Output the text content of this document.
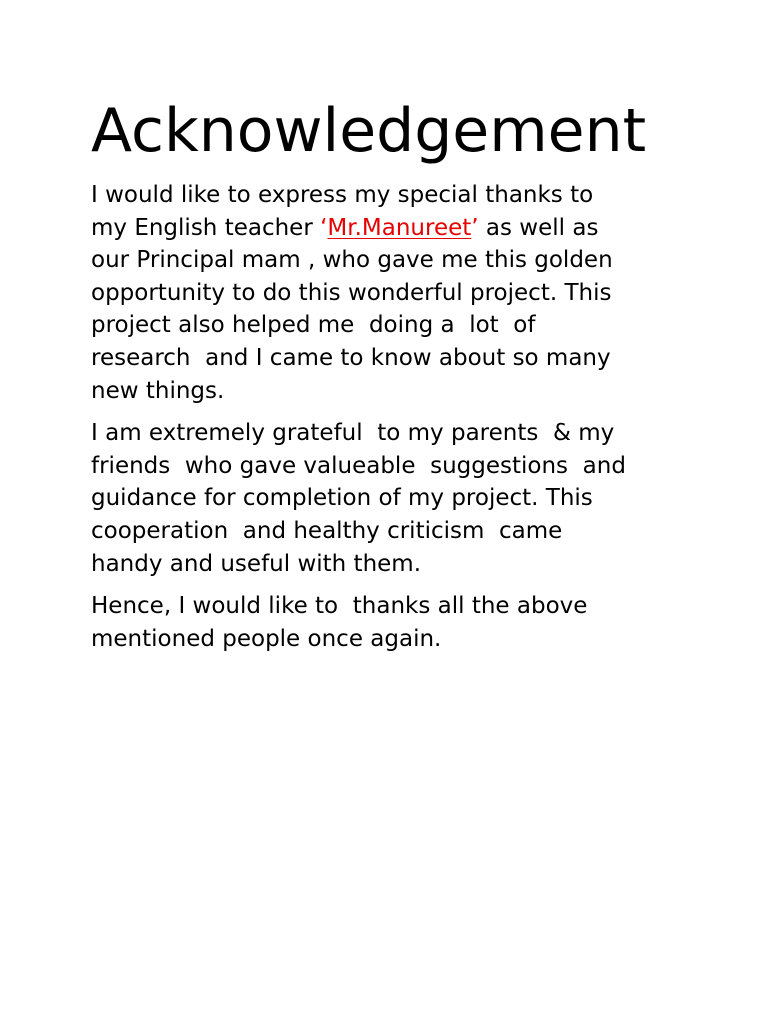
Acknowledgement

I would like to express my special thanks to
my English teacher ‘Mr.Manureet’ as well as
our Principal mam , who gave me this golden
opportunity to do this wonderful project. This
project also helped me  doing a  lot  of
research  and I came to know about so many
new things.

I am extremely grateful  to my parents  & my
friends  who gave valueable  suggestions  and
guidance for completion of my project. This
cooperation  and healthy criticism  came
handy and useful with them.

Hence, I would like to  thanks all the above
mentioned people once again.
